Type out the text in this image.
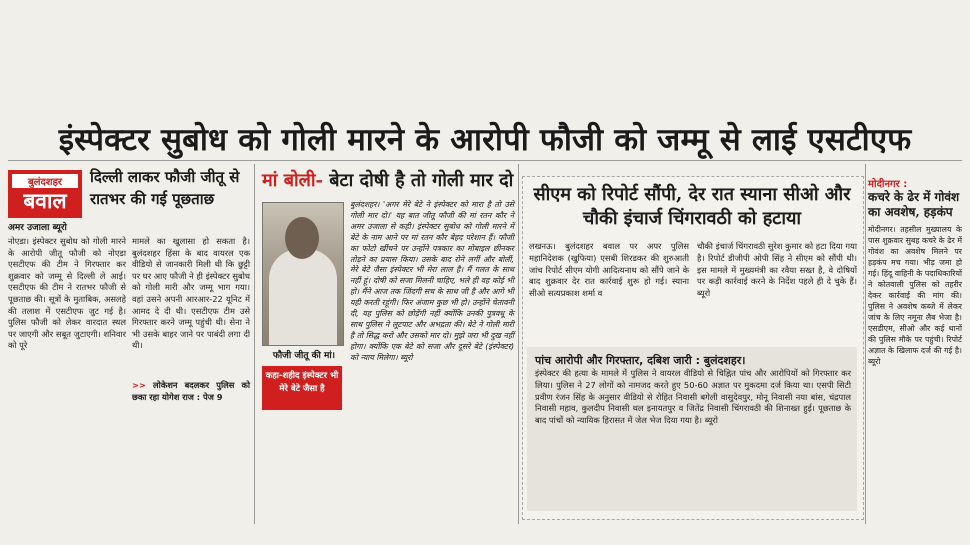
इंस्पेक्टर सुबोध को गोली मारने के आरोपी फौजी को जम्मू से लाई एसटीएफ
बुलंदशहर
बवाल
दिल्ली लाकर फौजी जीतू से रातभर की गई पूछताछ
अमर उजाला ब्यूरो
नोएडा। इंस्पेक्टर सुबोध को गोली मारने के आरोपी जीतू फौजी को नोएडा एसटीएफ की टीम ने गिरफ्तार कर शुक्रवार को जम्मू से दिल्ली ले आई। एसटीएफ की टीम ने रातभर फौजी से पूछताछ की। सूत्रों के मुताबिक, असलहे की तलाश में एसटीएफ जुट गई है। पुलिस फौजी को लेकर वारदात स्थल पर जाएगी और सबूत जुटाएगी। शनिवार को पूरे
मामले का खुलासा हो सकता है। बुलंदशहर हिंसा के बाद वायरल एक वीडियो से जानकारी मिली थी कि छुट्टी पर घर आए फौजी ने ही इंस्पेक्टर सुबोध को गोली मारी और जम्मू भाग गया। वहां उसने अपनी आरआर-22 यूनिट में आमद दे दी थी। एसटीएफ टीम उसे गिरफ्तार करने जम्मू पहुंची थी। सेना ने भी उसके बाहर जाने पर पाबंदी लगा दी थी।
>> लोकेशन बदलकर पुलिस को छका रहा योगेश राज : पेज 9
मां बोली- बेटा दोषी है तो गोली मार दो
फौजी जीतू की मां।
कहा-शहीद इंस्पेक्टर भी मेरे बेटे जैसा है
बुलंदशहर। 'अगर मेरे बेटे ने इंस्पेक्टर को मारा है तो उसे गोली मार दो।' यह बात जीतू फौजी की मां रतन कौर ने अमर उजाला से कही। इंस्पेक्टर सुबोध को गोली मारने में बेटे के नाम आने पर मां रतन कौर बेहद परेशान हैं। फौजी का फोटो खींचने पर उन्होंने पत्रकार का मोबाइल छीनकर तोड़ने का प्रयास किया। उसके बाद रोने लगीं और बोलीं, मेरे बेटे जैसा इंस्पेक्टर भी मेरा लाल है। मैं गलत के साथ नहीं हूं। दोषी को सजा मिलनी चाहिए, भले ही वह कोई भी हो। मैंने आज तक जिंदगी सच के साथ जी है और आगे भी यही करती रहूंगी। फिर अंजाम कुछ भी हो। उन्होंने चेतावनी दी, यह पुलिस को छोड़ेंगी नहीं क्योंकि उनकी पुत्रवधू के साथ पुलिस ने लूटपाट और अभद्रता की। बेटे ने गोली मारी है तो सिद्ध करो और उसको मार दो। मुझे जरा भी दुख नहीं होगा। क्योंकि एक बेटे को सजा और दूसरे बेटे (इंस्पेक्टर) को न्याय मिलेगा। ब्यूरो
सीएम को रिपोर्ट सौंपी, देर रात स्याना सीओ और चौकी इंचार्ज चिंगरावठी को हटाया
लखनऊ। बुलंदशहर बवाल पर अपर पुलिस महानिदेशक (खुफिया) एसबी शिरडकर की शुरुआती जांच रिपोर्ट सीएम योगी आदित्यनाथ को सौंपे जाने के बाद शुक्रवार देर रात कार्रवाई शुरू हो गई। स्याना सीओ सत्यप्रकाश शर्मा व
चौकी इंचार्ज चिंगरावठी सुरेश कुमार को हटा दिया गया है। रिपोर्ट डीजीपी ओपी सिंह ने सीएम को सौंपी थी। इस मामले में मुख्यमंत्री का रवैया सख्त है, वे दोषियों पर कड़ी कार्रवाई करने के निर्देश पहले ही दे चुके हैं। ब्यूरो
पांच आरोपी और गिरफ्तार, दबिश जारी : बुलंदशहर।
इंस्पेक्टर की हत्या के मामले में पुलिस ने वायरल वीडियो से चिह्नित पांच और आरोपियों को गिरफ्तार कर लिया। पुलिस ने 27 लोगों को नामजद करते हुए 50-60 अज्ञात पर मुकदमा दर्ज किया था। एसपी सिटी प्रवीण रंजन सिंह के अनुसार वीडियो से रोहित निवासी बगेली वासुदेवपुर, मोनू निवासी नया बांस, चंद्रपाल निवासी महाव, कुलदीप निवासी थल इनायतपुर व जितेंद्र निवासी चिंगरावठी की शिनाख्त हुई। पूछताछ के बाद पांचों को न्यायिक हिरासत में जेल भेज दिया गया है। ब्यूरो
मोदीनगर :
कचरे के ढेर में गोवंश का अवशेष, हड़कंप
मोदीनगर। तहसील मुख्यालय के पास शुक्रवार सुबह कचरे के ढेर में गोवंश का अवशेष मिलने पर हड़कंप मच गया। भीड़ जमा हो गई। हिंदू वाहिनी के पदाधिकारियों ने कोतवाली पुलिस को तहरीर देकर कार्रवाई की मांग की। पुलिस ने अवशेष कब्जे में लेकर जांच के लिए नमूना लैब भेजा है। एसडीएम, सीओ और कई थानों की पुलिस मौके पर पहुंची। रिपोर्ट अज्ञात के खिलाफ दर्ज की गई है। ब्यूरो
